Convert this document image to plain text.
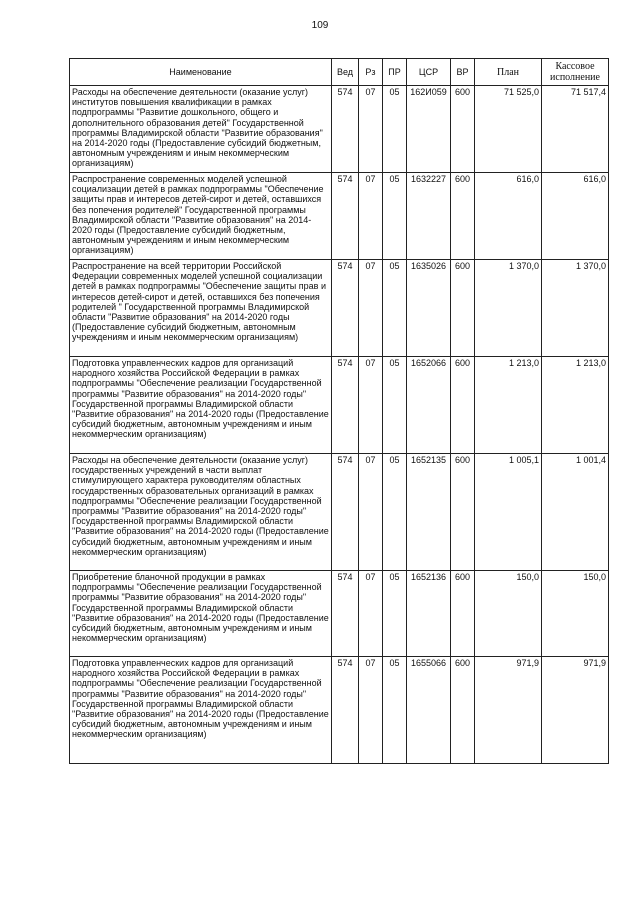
109
Наименование	Вед	Рз	ПР	ЦСР	ВР	План	Кассовое исполнение
Расходы на обеспечение деятельности (оказание услуг) институтов повышения квалификации в рамках подпрограммы "Развитие дошкольного, общего и дополнительного образования детей" Государственной программы Владимирской области "Развитие образования" на 2014-2020 годы (Предоставление субсидий бюджетным, автономным учреждениям и иным некоммерческим организациям)	574	07	05	162И059	600	71 525,0	71 517,4
Распространение современных моделей успешной социализации детей в рамках подпрограммы "Обеспечение защиты прав и интересов детей-сирот и детей, оставшихся без попечения родителей" Государственной программы Владимирской области "Развитие образования" на 2014-2020 годы (Предоставление субсидий бюджетным, автономным учреждениям и иным некоммерческим организациям)	574	07	05	1632227	600	616,0	616,0
Распространение на всей территории Российской Федерации современных моделей успешной социализации детей в рамках подпрограммы "Обеспечение защиты прав и интересов детей-сирот и детей, оставшихся без попечения родителей " Государственной программы Владимирской области "Развитие образования" на 2014-2020 годы (Предоставление субсидий бюджетным, автономным учреждениям и иным некоммерческим организациям)	574	07	05	1635026	600	1 370,0	1 370,0
Подготовка управленческих кадров для организаций народного хозяйства Российской Федерации в рамках подпрограммы "Обеспечение реализации Государственной программы "Развитие образования" на 2014-2020 годы" Государственной программы Владимирской области "Развитие образования" на 2014-2020 годы (Предоставление субсидий бюджетным, автономным учреждениям и иным некоммерческим организациям)	574	07	05	1652066	600	1 213,0	1 213,0
Расходы на обеспечение деятельности (оказание услуг) государственных учреждений в части выплат стимулирующего характера руководителям областных государственных образовательных организаций в рамках подпрограммы "Обеспечение реализации Государственной программы "Развитие образования" на 2014-2020 годы" Государственной программы Владимирской области "Развитие образования" на 2014-2020 годы (Предоставление субсидий бюджетным, автономным учреждениям и иным некоммерческим организациям)	574	07	05	1652135	600	1 005,1	1 001,4
Приобретение бланочной продукции в рамках подпрограммы "Обеспечение реализации Государственной программы "Развитие образования" на 2014-2020 годы" Государственной программы Владимирской области "Развитие образования" на 2014-2020 годы (Предоставление субсидий бюджетным, автономным учреждениям и иным некоммерческим организациям)	574	07	05	1652136	600	150,0	150,0
Подготовка управленческих кадров для организаций народного хозяйства Российской Федерации в рамках подпрограммы "Обеспечение реализации Государственной программы "Развитие образования" на 2014-2020 годы" Государственной программы Владимирской области "Развитие образования" на 2014-2020 годы (Предоставление субсидий бюджетным, автономным учреждениям и иным некоммерческим организациям)	574	07	05	1655066	600	971,9	971,9
